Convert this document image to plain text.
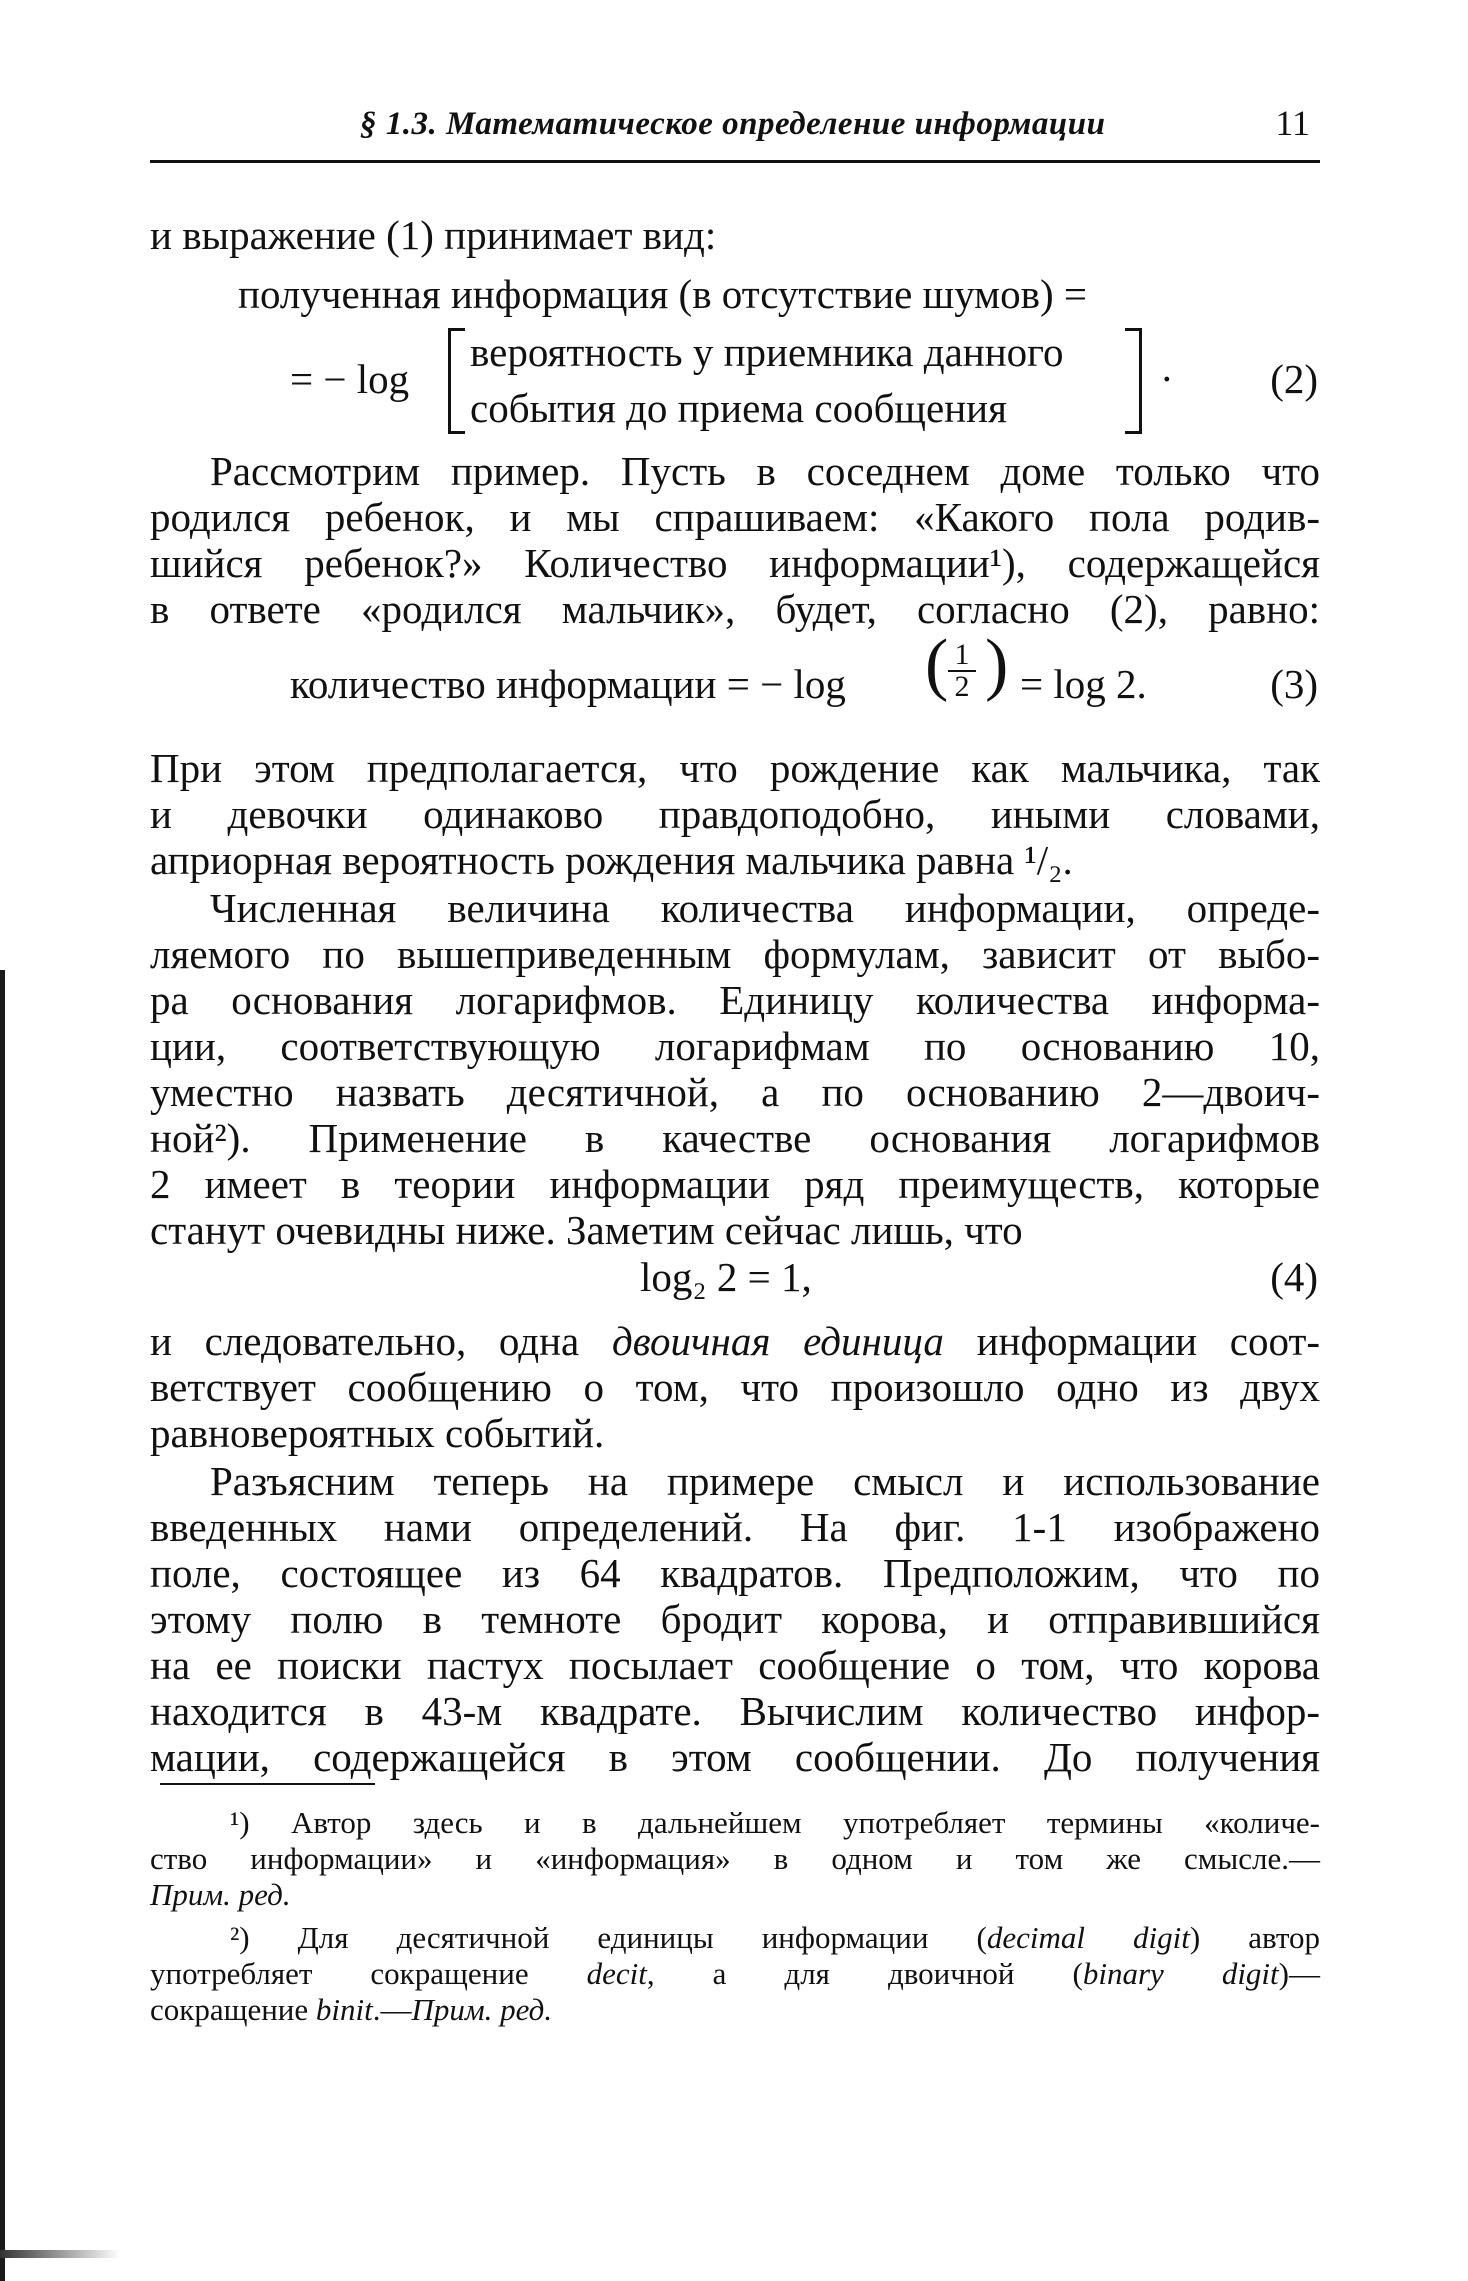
§ 1.3. Математическое определение информации	11

и выражение (1) принимает вид:

полученная информация (в отсутствие шумов) =
= − log
вероятность у приемника данного
события до приема сообщения
· (2)

Рассмотрим пример. Пусть в соседнем доме только что

родился ребенок, и мы спрашиваем: «Какого пола родив-

шийся ребенок?» Количество информации¹), содержащейся

в ответе «родился мальчик», будет, согласно (2), равно:

количество информации = − log ( $\frac{1}{2}$ ) = log 2.	(3)

При этом предполагается, что рождение как мальчика, так

и девочки одинаково правдоподобно, иными словами,

априорная вероятность рождения мальчика равна ¹/₂.

Численная величина количества информации, опреде-

ляемого по вышеприведенным формулам, зависит от выбо-

ра основания логарифмов. Единицу количества информа-

ции, соответствующую логарифмам по основанию 10,

уместно назвать десятичной, а по основанию 2—двоич-

ной²). Применение в качестве основания логарифмов

2 имеет в теории информации ряд преимуществ, которые

станут очевидны ниже. Заметим сейчас лишь, что

log₂ 2 = 1,	(4)

и следовательно, одна двоичная единица информации соот-

ветствует сообщению о том, что произошло одно из двух

равновероятных событий.

Разъясним теперь на примере смысл и использование

введенных нами определений. На фиг. 1-1 изображено

поле, состоящее из 64 квадратов. Предположим, что по

этому полю в темноте бродит корова, и отправившийся

на ее поиски пастух посылает сообщение о том, что корова

находится в 43-м квадрате. Вычислим количество инфор-

мации, содержащейся в этом сообщении. До получения

¹) Автор здесь и в дальнейшем употребляет термины «количе-

ство информации» и «информация» в одном и том же смысле.—

Прим. ред.

²) Для десятичной единицы информации (decimal digit) автор

употребляет сокращение decit, а для двоичной (binary digit)—

сокращение binit.—Прим. ред.
